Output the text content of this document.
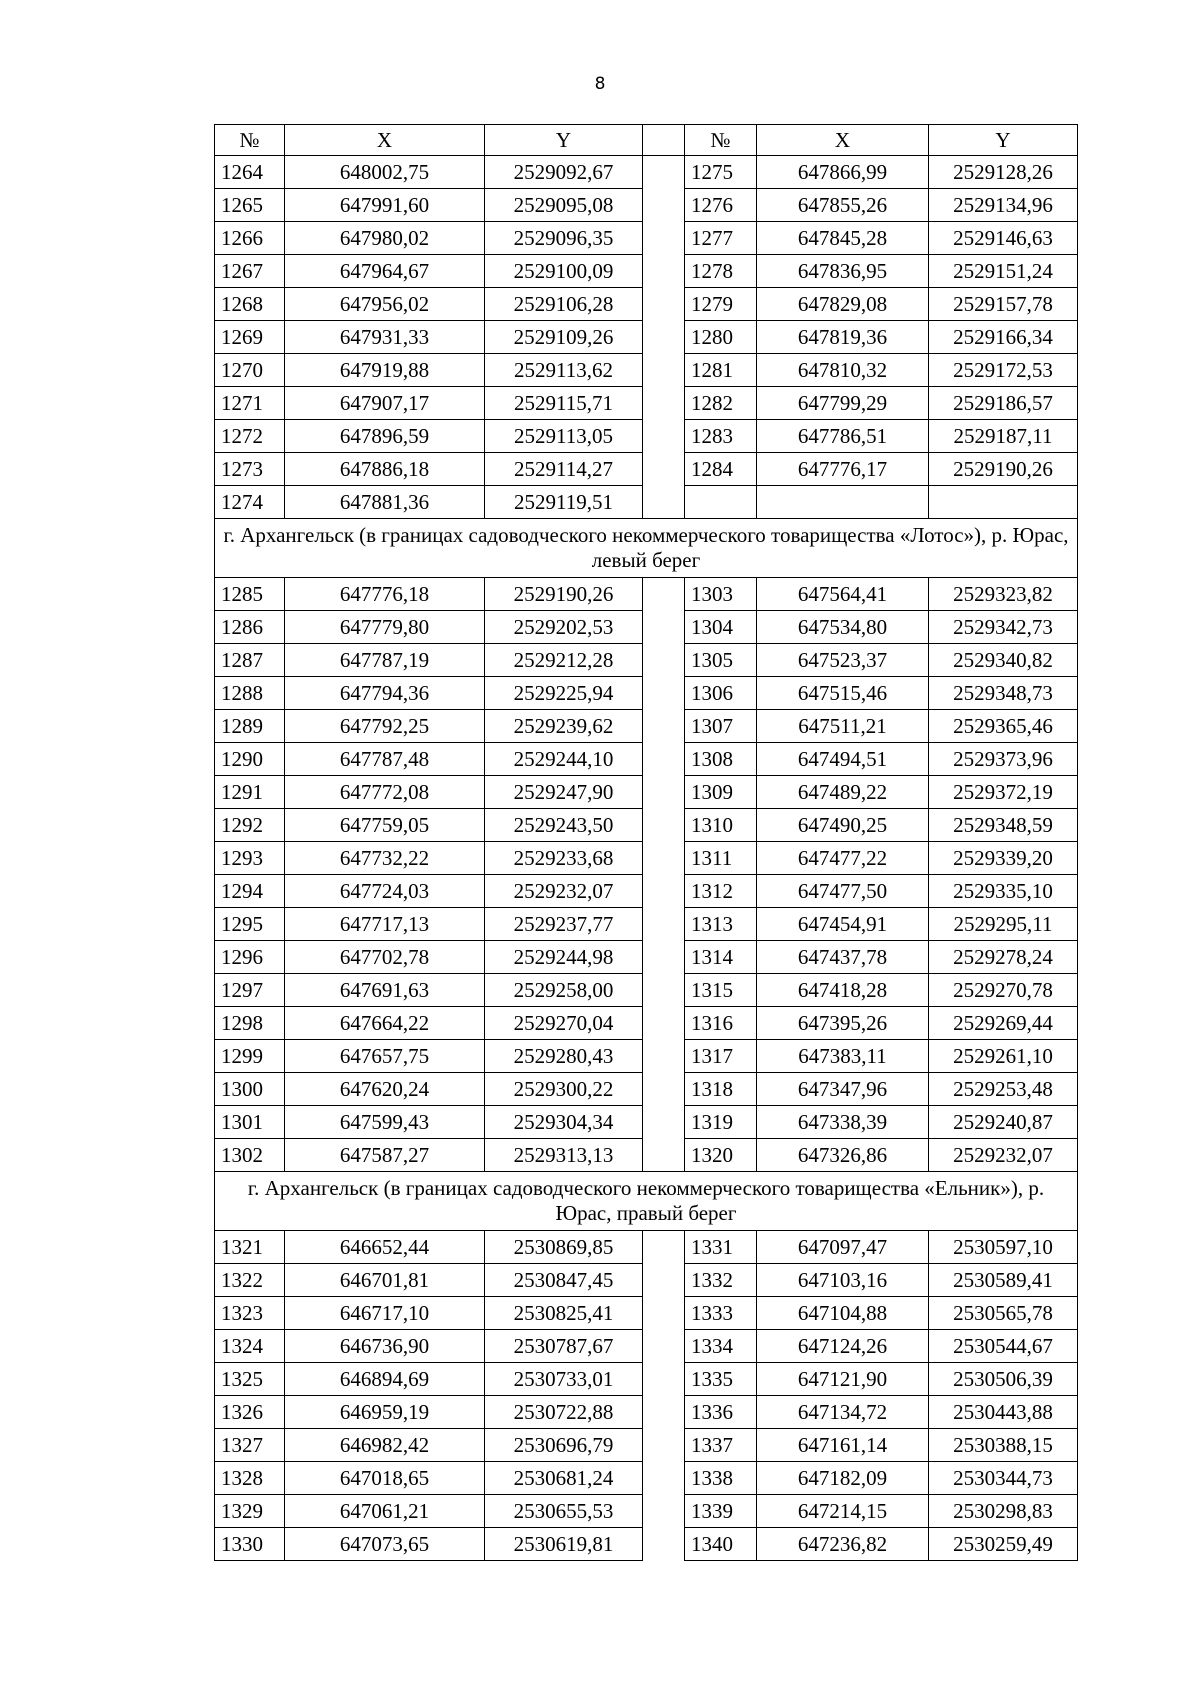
8
№	X	Y		№	X	Y
1264	648002,75	2529092,67		1275	647866,99	2529128,26
1265	647991,60	2529095,08		1276	647855,26	2529134,96
1266	647980,02	2529096,35		1277	647845,28	2529146,63
1267	647964,67	2529100,09		1278	647836,95	2529151,24
1268	647956,02	2529106,28		1279	647829,08	2529157,78
1269	647931,33	2529109,26		1280	647819,36	2529166,34
1270	647919,88	2529113,62		1281	647810,32	2529172,53
1271	647907,17	2529115,71		1282	647799,29	2529186,57
1272	647896,59	2529113,05		1283	647786,51	2529187,11
1273	647886,18	2529114,27		1284	647776,17	2529190,26
1274	647881,36	2529119,51				
г. Архангельск (в границах садоводческого некоммерческого товарищества «Лотос»), р. Юрас, левый берег						
1285	647776,18	2529190,26		1303	647564,41	2529323,82
1286	647779,80	2529202,53		1304	647534,80	2529342,73
1287	647787,19	2529212,28		1305	647523,37	2529340,82
1288	647794,36	2529225,94		1306	647515,46	2529348,73
1289	647792,25	2529239,62		1307	647511,21	2529365,46
1290	647787,48	2529244,10		1308	647494,51	2529373,96
1291	647772,08	2529247,90		1309	647489,22	2529372,19
1292	647759,05	2529243,50		1310	647490,25	2529348,59
1293	647732,22	2529233,68		1311	647477,22	2529339,20
1294	647724,03	2529232,07		1312	647477,50	2529335,10
1295	647717,13	2529237,77		1313	647454,91	2529295,11
1296	647702,78	2529244,98		1314	647437,78	2529278,24
1297	647691,63	2529258,00		1315	647418,28	2529270,78
1298	647664,22	2529270,04		1316	647395,26	2529269,44
1299	647657,75	2529280,43		1317	647383,11	2529261,10
1300	647620,24	2529300,22		1318	647347,96	2529253,48
1301	647599,43	2529304,34		1319	647338,39	2529240,87
1302	647587,27	2529313,13		1320	647326,86	2529232,07
г. Архангельск (в границах садоводческого некоммерческого товарищества «Ельник»), р. Юрас, правый берег						
1321	646652,44	2530869,85		1331	647097,47	2530597,10
1322	646701,81	2530847,45		1332	647103,16	2530589,41
1323	646717,10	2530825,41		1333	647104,88	2530565,78
1324	646736,90	2530787,67		1334	647124,26	2530544,67
1325	646894,69	2530733,01		1335	647121,90	2530506,39
1326	646959,19	2530722,88		1336	647134,72	2530443,88
1327	646982,42	2530696,79		1337	647161,14	2530388,15
1328	647018,65	2530681,24		1338	647182,09	2530344,73
1329	647061,21	2530655,53		1339	647214,15	2530298,83
1330	647073,65	2530619,81		1340	647236,82	2530259,49
